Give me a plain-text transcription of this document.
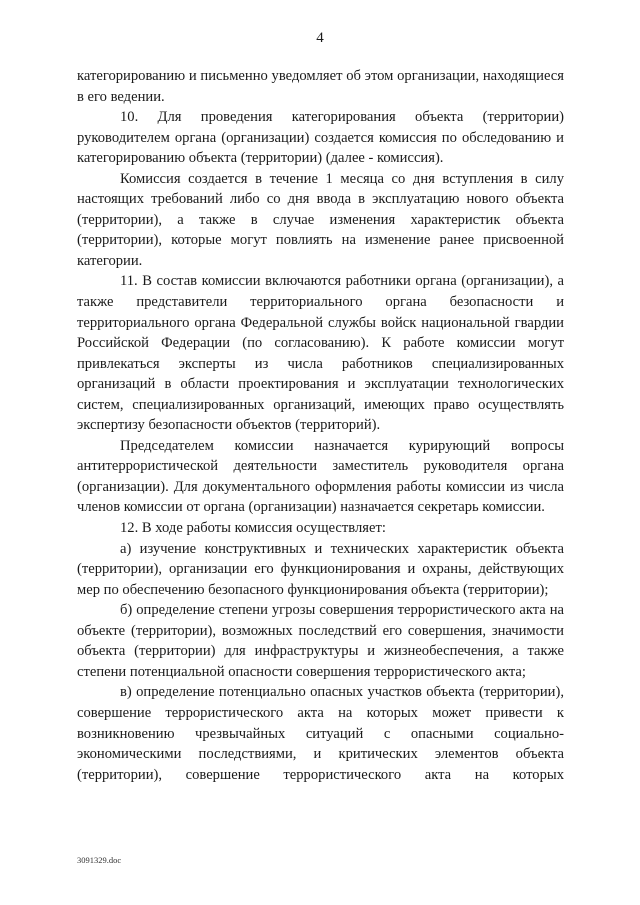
4

категорированию и письменно уведомляет об этом организации, находящиеся в его ведении.

10. Для проведения категорирования объекта (территории) руководителем органа (организации) создается комиссия по обследованию и категорированию объекта (территории) (далее - комиссия).

Комиссия создается в течение 1 месяца со дня вступления в силу настоящих требований либо со дня ввода в эксплуатацию нового объекта (территории), а также в случае изменения характеристик объекта (территории), которые могут повлиять на изменение ранее присвоенной категории.

11. В состав комиссии включаются работники органа (организации), а также представители территориального органа безопасности и территориального органа Федеральной службы войск национальной гвардии Российской Федерации (по согласованию). К работе комиссии могут привлекаться эксперты из числа работников специализированных организаций в области проектирования и эксплуатации технологических систем, специализированных организаций, имеющих право осуществлять экспертизу безопасности объектов (территорий).

Председателем комиссии назначается курирующий вопросы антитеррористической деятельности заместитель руководителя органа (организации). Для документального оформления работы комиссии из числа членов комиссии от органа (организации) назначается секретарь комиссии.

12. В ходе работы комиссия осуществляет:

а) изучение конструктивных и технических характеристик объекта (территории), организации его функционирования и охраны, действующих мер по обеспечению безопасного функционирования объекта (территории);

б) определение степени угрозы совершения террористического акта на объекте (территории), возможных последствий его совершения, значимости объекта (территории) для инфраструктуры и жизнеобеспечения, а также степени потенциальной опасности совершения террористического акта;

в) определение потенциально опасных участков объекта (территории), совершение террористического акта на которых может привести к возникновению чрезвычайных ситуаций с опасными социально-экономическими последствиями, и критических элементов объекта (территории), совершение террористического акта на которых

3091329.doc
